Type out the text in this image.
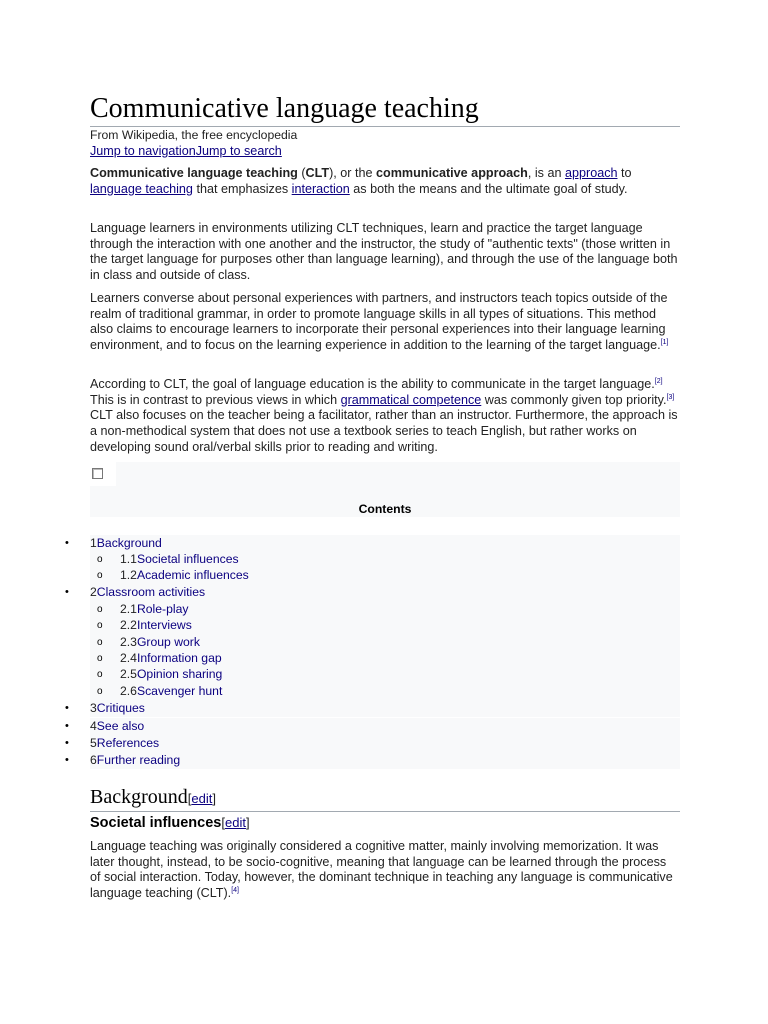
Communicative language teaching
From Wikipedia, the free encyclopedia
Jump to navigationJump to search

Communicative language teaching (CLT), or the communicative approach, is an approach to language teaching that emphasizes interaction as both the means and the ultimate goal of study.

Language learners in environments utilizing CLT techniques, learn and practice the target language through the interaction with one another and the instructor, the study of "authentic texts" (those written in the target language for purposes other than language learning), and through the use of the language both in class and outside of class.

Learners converse about personal experiences with partners, and instructors teach topics outside of the realm of traditional grammar, in order to promote language skills in all types of situations. This method also claims to encourage learners to incorporate their personal experiences into their language learning environment, and to focus on the learning experience in addition to the learning of the target language.[1]

According to CLT, the goal of language education is the ability to communicate in the target language.[2] This is in contrast to previous views in which grammatical competence was commonly given top priority.[3] CLT also focuses on the teacher being a facilitator, rather than an instructor. Furthermore, the approach is a non-methodical system that does not use a textbook series to teach English, but rather works on developing sound oral/verbal skills prior to reading and writing.

Contents
• 1Background
o 1.1Societal influences
o 1.2Academic influences
• 2Classroom activities
o 2.1Role-play
o 2.2Interviews
o 2.3Group work
o 2.4Information gap
o 2.5Opinion sharing
o 2.6Scavenger hunt
• 3Critiques
• 4See also
• 5References
• 6Further reading
Background[edit]
Societal influences[edit]

Language teaching was originally considered a cognitive matter, mainly involving memorization. It was later thought, instead, to be socio-cognitive, meaning that language can be learned through the process of social interaction. Today, however, the dominant technique in teaching any language is communicative language teaching (CLT).[4]
